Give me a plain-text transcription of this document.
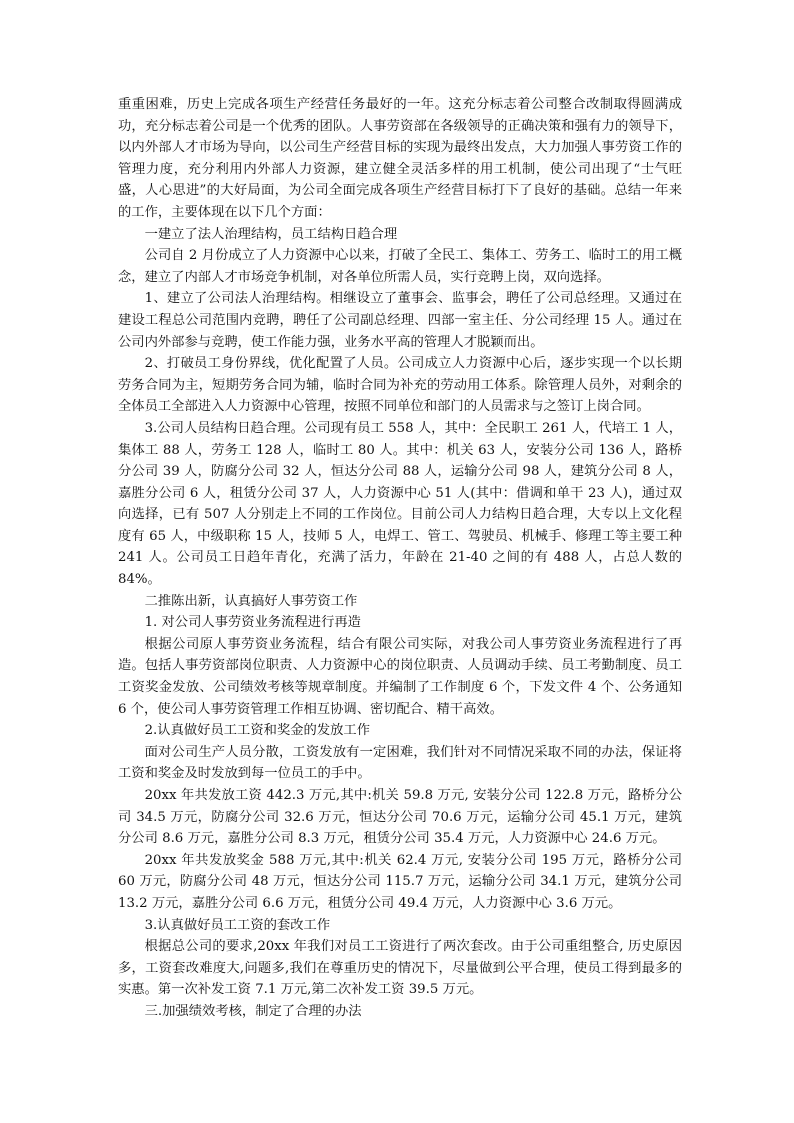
重重困难，历史上完成各项生产经营任务最好的一年。这充分标志着公司整合改制取得圆满成功，充分标志着公司是一个优秀的团队。人事劳资部在各级领导的正确决策和强有力的领导下，以内外部人才市场为导向，以公司生产经营目标的实现为最终出发点，大力加强人事劳资工作的管理力度，充分利用内外部人力资源，建立健全灵活多样的用工机制，使公司出现了“士气旺盛，人心思进”的大好局面，为公司全面完成各项生产经营目标打下了良好的基础。总结一年来的工作，主要体现在以下几个方面：

一建立了法人治理结构，员工结构日趋合理

公司自 2 月份成立了人力资源中心以来，打破了全民工、集体工、劳务工、临时工的用工概念，建立了内部人才市场竞争机制，对各单位所需人员，实行竞聘上岗，双向选择。

1、建立了公司法人治理结构。相继设立了董事会、监事会，聘任了公司总经理。又通过在建设工程总公司范围内竞聘，聘任了公司副总经理、四部一室主任、分公司经理 15 人。通过在公司内外部参与竞聘，使工作能力强，业务水平高的管理人才脱颖而出。

2、打破员工身份界线，优化配置了人员。公司成立人力资源中心后，逐步实现一个以长期劳务合同为主，短期劳务合同为辅，临时合同为补充的劳动用工体系。除管理人员外，对剩余的全体员工全部进入人力资源中心管理，按照不同单位和部门的人员需求与之签订上岗合同。

3.公司人员结构日趋合理。公司现有员工 558 人，其中：全民职工 261 人，代培工 1 人，集体工 88 人，劳务工 128 人，临时工 80 人。其中：机关 63 人，安装分公司 136 人，路桥分公司 39 人，防腐分公司 32 人，恒达分公司 88 人，运输分公司 98 人，建筑分公司 8 人，嘉胜分公司 6 人，租赁分公司 37 人，人力资源中心 51 人(其中：借调和单干 23 人)，通过双向选择，已有 507 人分别走上不同的工作岗位。目前公司人力结构日趋合理，大专以上文化程度有 65 人，中级职称 15 人，技师 5 人，电焊工、管工、驾驶员、机械手、修理工等主要工种 241 人。公司员工日趋年青化，充满了活力，年龄在 21-40 之间的有 488 人，占总人数的 84%。

二推陈出新，认真搞好人事劳资工作

1. 对公司人事劳资业务流程进行再造

根据公司原人事劳资业务流程，结合有限公司实际，对我公司人事劳资业务流程进行了再造。包括人事劳资部岗位职责、人力资源中心的岗位职责、人员调动手续、员工考勤制度、员工工资奖金发放、公司绩效考核等规章制度。并编制了工作制度 6 个，下发文件 4 个、公务通知 6 个，使公司人事劳资管理工作相互协调、密切配合、精干高效。

2.认真做好员工工资和奖金的发放工作

面对公司生产人员分散，工资发放有一定困难，我们针对不同情况采取不同的办法，保证将工资和奖金及时发放到每一位员工的手中。

20xx 年共发放工资 442.3 万元,其中:机关 59.8 万元, 安装分公司 122.8 万元，路桥分公司 34.5 万元，防腐分公司 32.6 万元，恒达分公司 70.6 万元，运输分公司 45.1 万元，建筑分公司 8.6 万元，嘉胜分公司 8.3 万元，租赁分公司 35.4 万元，人力资源中心 24.6 万元。

20xx 年共发放奖金 588 万元,其中:机关 62.4 万元, 安装分公司 195 万元，路桥分公司 60 万元，防腐分公司 48 万元，恒达分公司 115.7 万元，运输分公司 34.1 万元，建筑分公司 13.2 万元，嘉胜分公司 6.6 万元，租赁分公司 49.4 万元，人力资源中心 3.6 万元。

3.认真做好员工工资的套改工作

根据总公司的要求,20xx 年我们对员工工资进行了两次套改。由于公司重组整合, 历史原因多，工资套改难度大,问题多,我们在尊重历史的情况下，尽量做到公平合理，使员工得到最多的实惠。第一次补发工资 7.1 万元,第二次补发工资 39.5 万元。

三.加强绩效考核，制定了合理的办法
